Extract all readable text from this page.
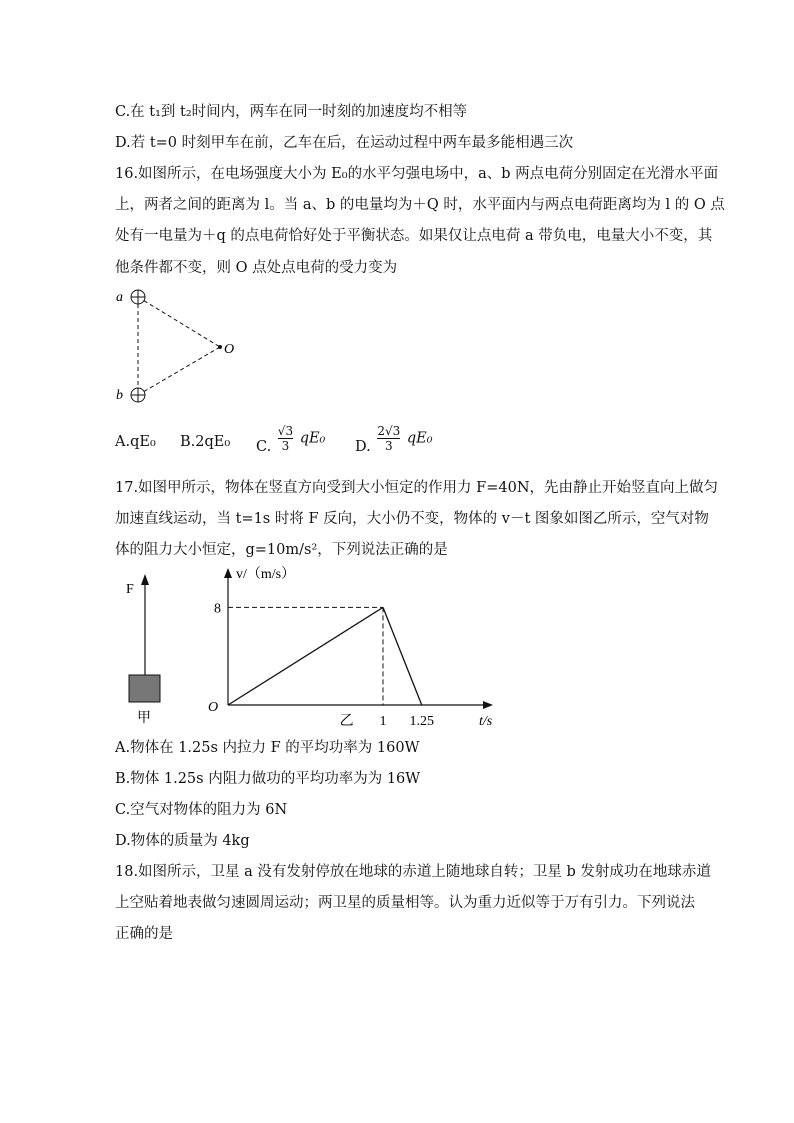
C.在 t₁到 t₂时间内，两车在同一时刻的加速度均不相等
D.若 t=0 时刻甲车在前，乙车在后，在运动过程中两车最多能相遇三次
16.如图所示，在电场强度大小为 E₀的水平匀强电场中，a、b 两点电荷分别固定在光滑水平面
上，两者之间的距离为 l。当 a、b 的电量均为＋Q 时，水平面内与两点电荷距离均为 l 的 O 点
处有一电量为＋q 的点电荷恰好处于平衡状态。如果仅让点电荷 a 带负电，电量大小不变，其
他条件都不变，则 O 点处点电荷的受力变为
a
b
O
A.qE₀ B.2qE₀ C. $\frac{√3}{3} qE_0$ D. $\frac{2√3}{3} qE_0$
17.如图甲所示，物体在竖直方向受到大小恒定的作用力 F=40N，先由静止开始竖直向上做匀
加速直线运动，当 t=1s 时将 F 反向，大小仍不变，物体的 v－t 图象如图乙所示，空气对物
体的阻力大小恒定，g=10m/s²，下列说法正确的是
F
甲
v/（m/s）
t/s
O
8
1 1.25
乙
A.物体在 1.25s 内拉力 F 的平均功率为 160W
B.物体 1.25s 内阻力做功的平均功率为为 16W
C.空气对物体的阻力为 6N
D.物体的质量为 4kg
18.如图所示，卫星 a 没有发射停放在地球的赤道上随地球自转；卫星 b 发射成功在地球赤道
上空贴着地表做匀速圆周运动；两卫星的质量相等。认为重力近似等于万有引力。下列说法
正确的是
